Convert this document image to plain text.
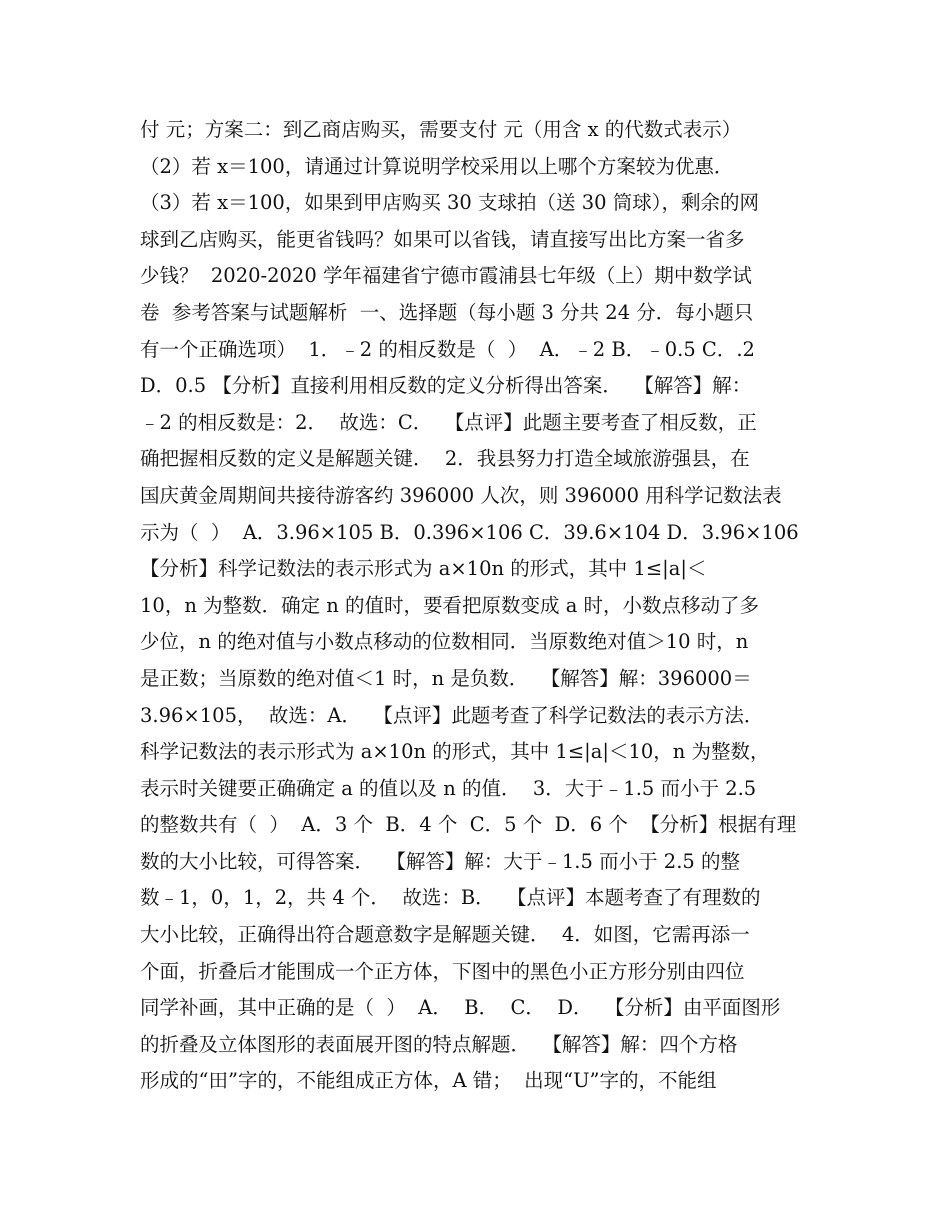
付 元；方案二：到乙商店购买，需要支付 元（用含 x 的代数式表示）
（2）若 x＝100，请通过计算说明学校采用以上哪个方案较为优惠．
（3）若 x＝100，如果到甲店购买 30 支球拍（送 30 筒球），剩余的网
球到乙店购买，能更省钱吗？如果可以省钱，请直接写出比方案一省多
少钱？  2020-2020 学年福建省宁德市霞浦县七年级（上）期中数学试
卷  参考答案与试题解析  一、选择题（每小题 3 分共 24 分．每小题只
有一个正确选项）  1．﹣2 的相反数是（  ）  A．﹣2 B．﹣0.5 C．.2
D．0.5 【分析】直接利用相反数的定义分析得出答案．  【解答】解：
﹣2 的相反数是：2．  故选：C．  【点评】此题主要考查了相反数，正
确把握相反数的定义是解题关键．  2．我县努力打造全域旅游强县，在
国庆黄金周期间共接待游客约 396000 人次，则 396000 用科学记数法表
示为（  ）  A．3.96×105 B．0.396×106 C．39.6×104 D．3.96×106
【分析】科学记数法的表示形式为 a×10n 的形式，其中 1≤|a|＜
10，n 为整数．确定 n 的值时，要看把原数变成 a 时，小数点移动了多
少位，n 的绝对值与小数点移动的位数相同．当原数绝对值＞10 时，n
是正数；当原数的绝对值＜1 时，n 是负数．  【解答】解：396000＝
3.96×105，  故选：A．  【点评】此题考查了科学记数法的表示方法．
科学记数法的表示形式为 a×10n 的形式，其中 1≤|a|＜10，n 为整数，
表示时关键要正确确定 a 的值以及 n 的值．  3．大于﹣1.5 而小于 2.5
的整数共有（  ）  A．3 个  B．4 个  C．5 个  D．6 个  【分析】根据有理
数的大小比较，可得答案．  【解答】解：大于﹣1.5 而小于 2.5 的整
数﹣1，0，1，2，共 4 个．  故选：B．  【点评】本题考查了有理数的
大小比较，正确得出符合题意数字是解题关键．  4．如图，它需再添一
个面，折叠后才能围成一个正方体，下图中的黑色小正方形分别由四位
同学补画，其中正确的是（  ）  A．  B．  C．  D．  【分析】由平面图形
的折叠及立体图形的表面展开图的特点解题．  【解答】解：四个方格
形成的“田”字的，不能组成正方体，A 错；  出现“U”字的，不能组
